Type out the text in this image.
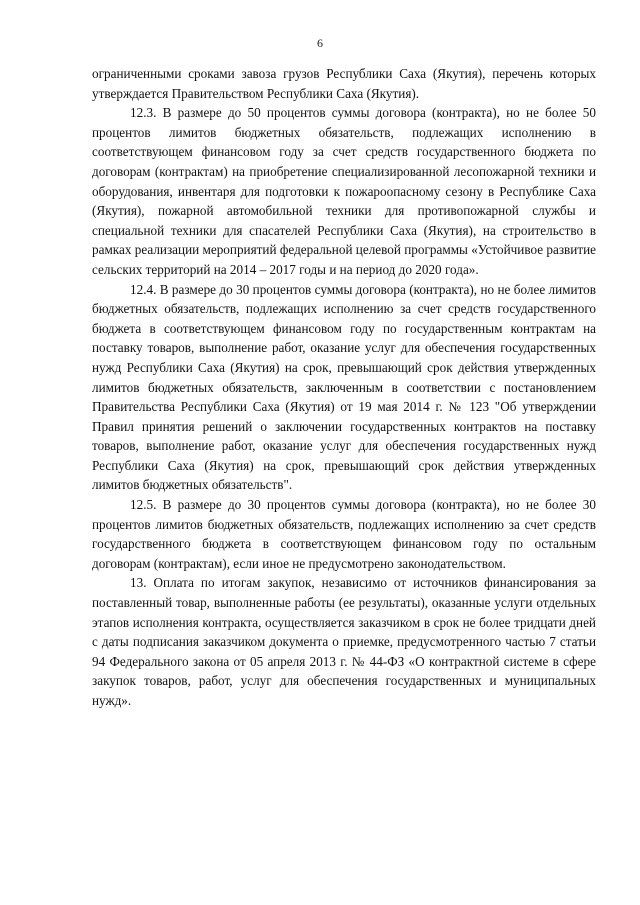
6

ограниченными сроками завоза грузов Республики Саха (Якутия), перечень которых утверждается Правительством Республики Саха (Якутия).

12.3. В размере до 50 процентов суммы договора (контракта), но не более 50 процентов лимитов бюджетных обязательств, подлежащих исполнению в соответствующем финансовом году за счет средств государственного бюджета по договорам (контрактам) на приобретение специализированной лесопожарной техники и оборудования, инвентаря для подготовки к пожароопасному сезону в Республике Саха (Якутия), пожарной автомобильной техники для противопожарной службы и специальной техники для спасателей Республики Саха (Якутия), на строительство в рамках реализации мероприятий федеральной целевой программы «Устойчивое развитие сельских территорий на 2014 – 2017 годы и на период до 2020 года».

12.4. В размере до 30 процентов суммы договора (контракта), но не более лимитов бюджетных обязательств, подлежащих исполнению за счет средств государственного бюджета в соответствующем финансовом году по государственным контрактам на поставку товаров, выполнение работ, оказание услуг для обеспечения государственных нужд Республики Саха (Якутия) на срок, превышающий срок действия утвержденных лимитов бюджетных обязательств, заключенным в соответствии с постановлением Правительства Республики Саха (Якутия) от 19 мая 2014 г. № 123 "Об утверждении Правил принятия решений о заключении государственных контрактов на поставку товаров, выполнение работ, оказание услуг для обеспечения государственных нужд Республики Саха (Якутия) на срок, превышающий срок действия утвержденных лимитов бюджетных обязательств".

12.5. В размере до 30 процентов суммы договора (контракта), но не более 30 процентов лимитов бюджетных обязательств, подлежащих исполнению за счет средств государственного бюджета в соответствующем финансовом году по остальным договорам (контрактам), если иное не предусмотрено законодательством.

13. Оплата по итогам закупок, независимо от источников финансирования за поставленный товар, выполненные работы (ее результаты), оказанные услуги отдельных этапов исполнения контракта, осуществляется заказчиком в срок не более тридцати дней с даты подписания заказчиком документа о приемке, предусмотренного частью 7 статьи 94 Федерального закона от 05 апреля 2013 г. № 44-ФЗ «О контрактной системе в сфере закупок товаров, работ, услуг для обеспечения государственных и муниципальных нужд».
